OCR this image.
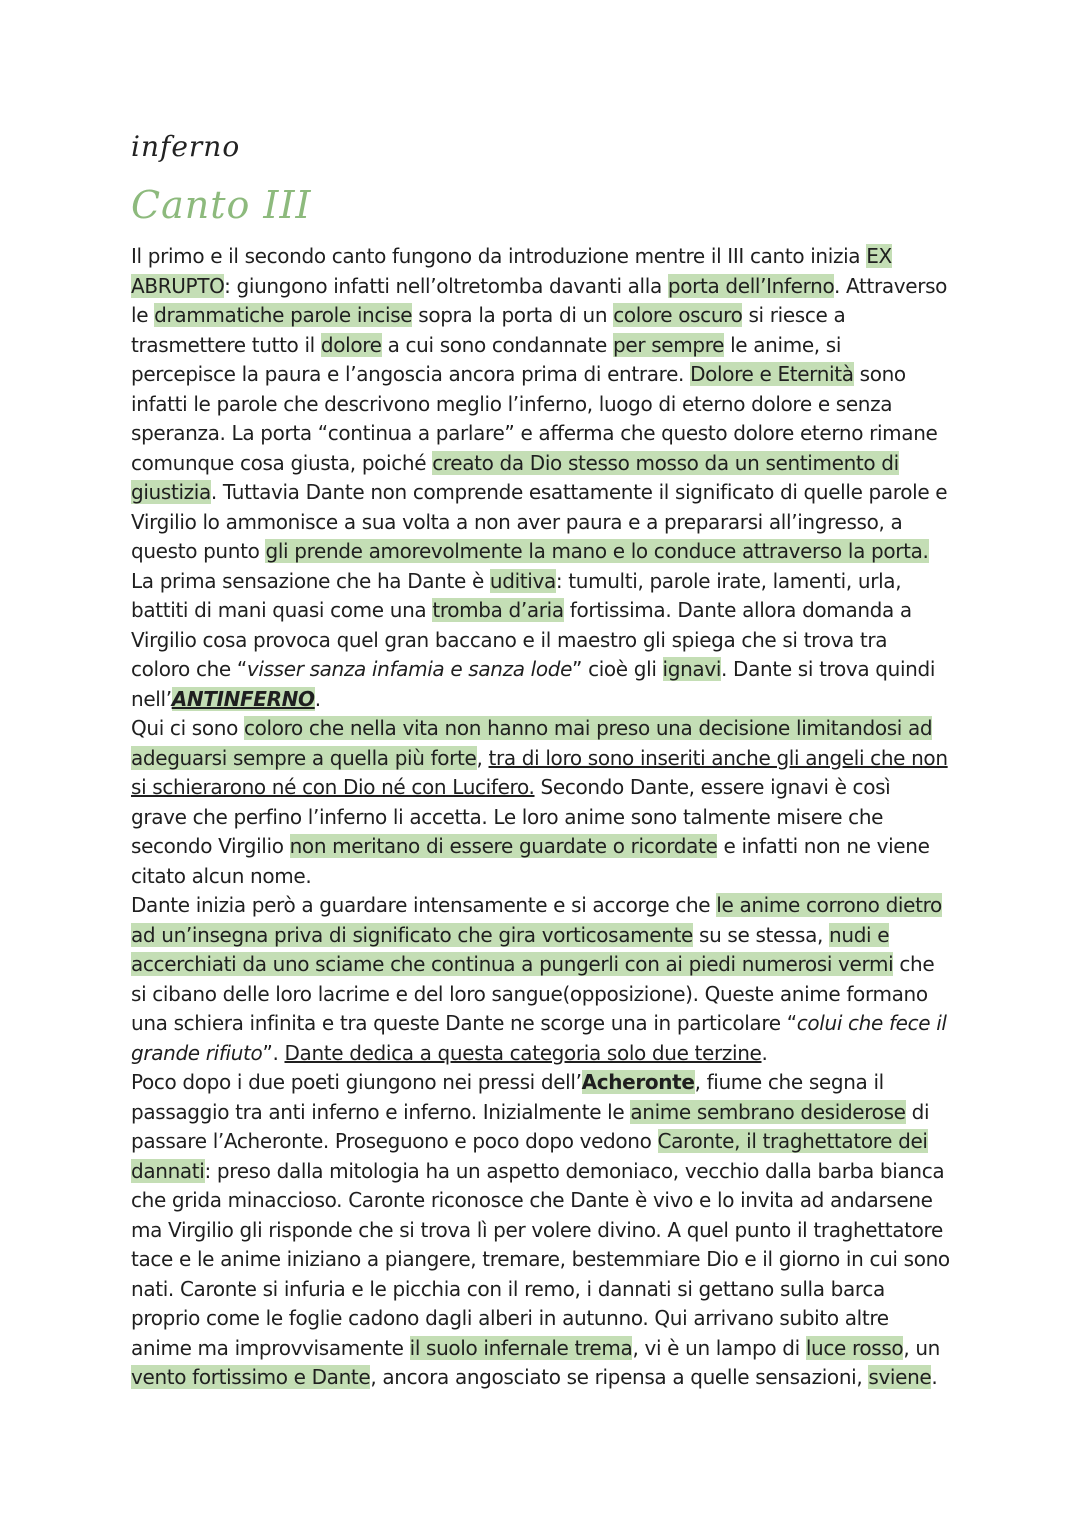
inferno
Canto III

Il primo e il secondo canto fungono da introduzione mentre il III canto inizia EX ABRUPTO: giungono infatti nell’oltretomba davanti alla porta dell’Inferno. Attraverso le drammatiche parole incise sopra la porta di un colore oscuro si riesce a trasmettere tutto il dolore a cui sono condannate per sempre le anime, si percepisce la paura e l’angoscia ancora prima di entrare. Dolore e Eternità sono infatti le parole che descrivono meglio l’inferno, luogo di eterno dolore e senza speranza. La porta “continua a parlare” e afferma che questo dolore eterno rimane comunque cosa giusta, poiché creato da Dio stesso mosso da un sentimento di giustizia. Tuttavia Dante non comprende esattamente il significato di quelle parole e Virgilio lo ammonisce a sua volta a non aver paura e a prepararsi all’ingresso, a questo punto gli prende amorevolmente la mano e lo conduce attraverso la porta. La prima sensazione che ha Dante è uditiva: tumulti, parole irate, lamenti, urla, battiti di mani quasi come una tromba d’aria fortissima. Dante allora domanda a Virgilio cosa provoca quel gran baccano e il maestro gli spiega che si trova tra coloro che “visser sanza infamia e sanza lode” cioè gli ignavi. Dante si trova quindi nell’ANTINFERNO.

Qui ci sono coloro che nella vita non hanno mai preso una decisione limitandosi ad adeguarsi sempre a quella più forte, tra di loro sono inseriti anche gli angeli che non si schierarono né con Dio né con Lucifero. Secondo Dante, essere ignavi è così grave che perfino l’inferno li accetta. Le loro anime sono talmente misere che secondo Virgilio non meritano di essere guardate o ricordate e infatti non ne viene citato alcun nome.

Dante inizia però a guardare intensamente e si accorge che le anime corrono dietro ad un’insegna priva di significato che gira vorticosamente su se stessa, nudi e accerchiati da uno sciame che continua a pungerli con ai piedi numerosi vermi che si cibano delle loro lacrime e del loro sangue(opposizione). Queste anime formano una schiera infinita e tra queste Dante ne scorge una in particolare “colui che fece il grande rifiuto”. Dante dedica a questa categoria solo due terzine.

Poco dopo i due poeti giungono nei pressi dell’Acheronte, fiume che segna il passaggio tra anti inferno e inferno. Inizialmente le anime sembrano desiderose di passare l’Acheronte. Proseguono e poco dopo vedono Caronte, il traghettatore dei dannati: preso dalla mitologia ha un aspetto demoniaco, vecchio dalla barba bianca che grida minaccioso. Caronte riconosce che Dante è vivo e lo invita ad andarsene ma Virgilio gli risponde che si trova lì per volere divino. A quel punto il traghettatore tace e le anime iniziano a piangere, tremare, bestemmiare Dio e il giorno in cui sono nati. Caronte si infuria e le picchia con il remo, i dannati si gettano sulla barca proprio come le foglie cadono dagli alberi in autunno. Qui arrivano subito altre anime ma improvvisamente il suolo infernale trema, vi è un lampo di luce rosso, un vento fortissimo e Dante, ancora angosciato se ripensa a quelle sensazioni, sviene.
